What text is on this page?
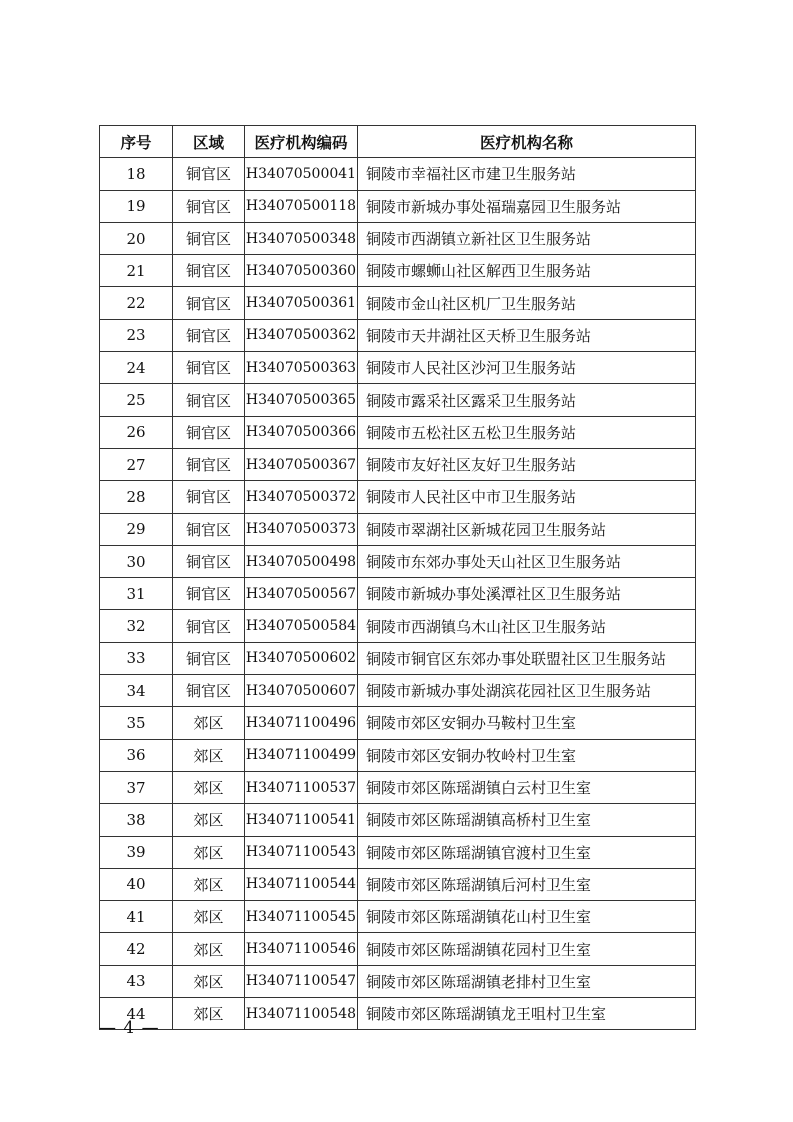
序号	区域	医疗机构编码	医疗机构名称
18	铜官区	H34070500041	铜陵市幸福社区市建卫生服务站
19	铜官区	H34070500118	铜陵市新城办事处福瑞嘉园卫生服务站
20	铜官区	H34070500348	铜陵市西湖镇立新社区卫生服务站
21	铜官区	H34070500360	铜陵市螺蛳山社区解西卫生服务站
22	铜官区	H34070500361	铜陵市金山社区机厂卫生服务站
23	铜官区	H34070500362	铜陵市天井湖社区天桥卫生服务站
24	铜官区	H34070500363	铜陵市人民社区沙河卫生服务站
25	铜官区	H34070500365	铜陵市露采社区露采卫生服务站
26	铜官区	H34070500366	铜陵市五松社区五松卫生服务站
27	铜官区	H34070500367	铜陵市友好社区友好卫生服务站
28	铜官区	H34070500372	铜陵市人民社区中市卫生服务站
29	铜官区	H34070500373	铜陵市翠湖社区新城花园卫生服务站
30	铜官区	H34070500498	铜陵市东郊办事处天山社区卫生服务站
31	铜官区	H34070500567	铜陵市新城办事处溪潭社区卫生服务站
32	铜官区	H34070500584	铜陵市西湖镇乌木山社区卫生服务站
33	铜官区	H34070500602	铜陵市铜官区东郊办事处联盟社区卫生服务站
34	铜官区	H34070500607	铜陵市新城办事处湖滨花园社区卫生服务站
35	郊区	H34071100496	铜陵市郊区安铜办马鞍村卫生室
36	郊区	H34071100499	铜陵市郊区安铜办牧岭村卫生室
37	郊区	H34071100537	铜陵市郊区陈瑶湖镇白云村卫生室
38	郊区	H34071100541	铜陵市郊区陈瑶湖镇高桥村卫生室
39	郊区	H34071100543	铜陵市郊区陈瑶湖镇官渡村卫生室
40	郊区	H34071100544	铜陵市郊区陈瑶湖镇后河村卫生室
41	郊区	H34071100545	铜陵市郊区陈瑶湖镇花山村卫生室
42	郊区	H34071100546	铜陵市郊区陈瑶湖镇花园村卫生室
43	郊区	H34071100547	铜陵市郊区陈瑶湖镇老排村卫生室
44	郊区	H34071100548	铜陵市郊区陈瑶湖镇龙王咀村卫生室
— 4 —
